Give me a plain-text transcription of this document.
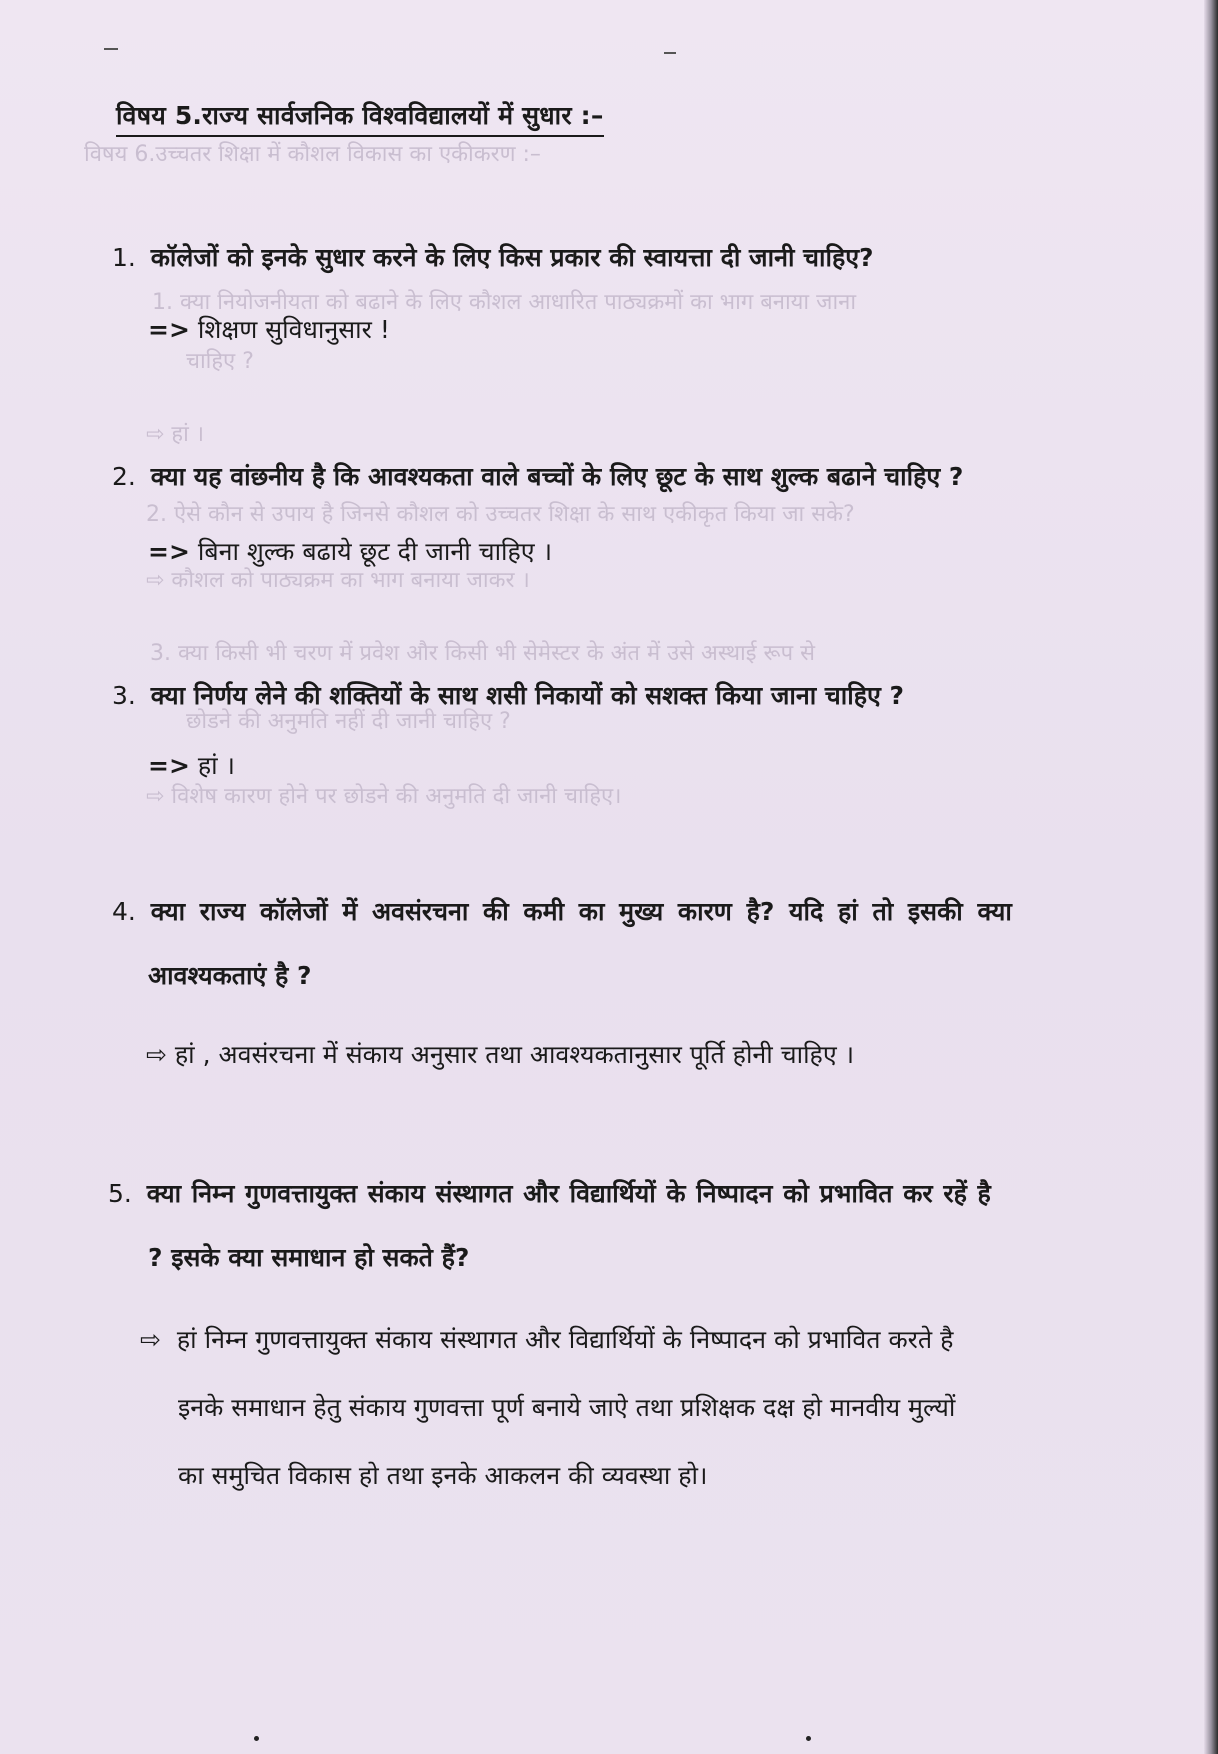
विषय 6.उच्चतर शिक्षा में कौशल विकास का एकीकरण :–
1. क्या नियोजनीयता को बढाने के लिए कौशल आधारित पाठ्यक्रमों का भाग बनाया जाना
चाहिए ?
⇨ हां ।
2. ऐसे कौन से उपाय है जिनसे कौशल को उच्चतर शिक्षा के साथ एकीकृत किया जा सके?
⇨ कौशल को पाठ्यक्रम का भाग बनाया जाकर ।
3. क्या किसी भी चरण में प्रवेश और किसी भी सेमेस्टर के अंत में उसे अस्थाई रूप से
छोडने की अनुमति नहीं दी जानी चाहिए ?
⇨ विशेष कारण होने पर छोडने की अनुमति दी जानी चाहिए।
विषय 5.राज्य सार्वजनिक विश्वविद्यालयों में सुधार :–
1. कॉलेजों को इनके सुधार करने के लिए किस प्रकार की स्वायत्ता दी जानी चाहिए?
=> शिक्षण सुविधानुसार !
2. क्या यह वांछनीय है कि आवश्यकता वाले बच्चों के लिए छूट के साथ शुल्क बढाने चाहिए ?
=> बिना शुल्क बढाये छूट दी जानी चाहिए ।
3. क्या निर्णय लेने की शक्तियों के साथ शसी निकायों को सशक्त किया जाना चाहिए ?
=> हां ।
4. क्या राज्य कॉलेजों में अवसंरचना की कमी का मुख्य कारण है? यदि हां तो इसकी क्या
आवश्यकताएं है ?
⇨ हां , अवसंरचना में संकाय अनुसार तथा आवश्यकतानुसार पूर्ति होनी चाहिए ।
5. क्या निम्न गुणवत्तायुक्त संकाय संस्थागत और विद्यार्थियों के निष्पादन को प्रभावित कर रहें है
? इसके क्या समाधान हो सकते हैं?
⇨ हां निम्न गुणवत्तायुक्त संकाय संस्थागत और विद्यार्थियों के निष्पादन को प्रभावित करते है
इनके समाधान हेतु संकाय गुणवत्ता पूर्ण बनाये जाऐ तथा प्रशिक्षक दक्ष हो मानवीय मुल्यों
का समुचित विकास हो तथा इनके आकलन की व्यवस्था हो।
